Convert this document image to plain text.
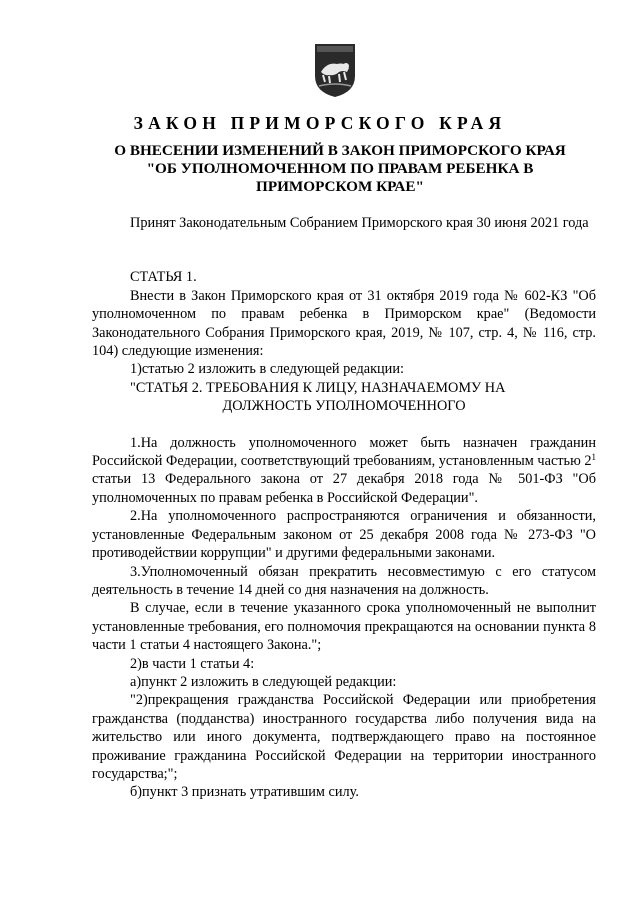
ЗАКОН ПРИМОРСКОГО КРАЯ
О ВНЕСЕНИИ ИЗМЕНЕНИЙ В ЗАКОН ПРИМОРСКОГО КРАЯ
"ОБ УПОЛНОМОЧЕННОМ ПО ПРАВАМ РЕБЕНКА В
ПРИМОРСКОМ КРАЕ"

Принят Законодательным Собранием Приморского края 30 июня 2021 года

СТАТЬЯ 1.

Внести в Закон Приморского края от 31 октября 2019 года № 602-КЗ "Об уполномоченном по правам ребенка в Приморском крае" (Ведомости Законодательного Собрания Приморского края, 2019, № 107, стр. 4, № 116, стр. 104) следующие изменения:

1)статью 2 изложить в следующей редакции:

"СТАТЬЯ 2. ТРЕБОВАНИЯ К ЛИЦУ, НАЗНАЧАЕМОМУ НА

ДОЛЖНОСТЬ УПОЛНОМОЧЕННОГО

1.На должность уполномоченного может быть назначен гражданин Российской Федерации, соответствующий требованиям, установленным частью $2^1$ статьи 13 Федерального закона от 27 декабря 2018 года № 501-ФЗ "Об уполномоченных по правам ребенка в Российской Федерации".

2.На уполномоченного распространяются ограничения и обязанности, установленные Федеральным законом от 25 декабря 2008 года № 273-ФЗ "О противодействии коррупции" и другими федеральными законами.

3.Уполномоченный обязан прекратить несовместимую с его статусом деятельность в течение 14 дней со дня назначения на должность.

В случае, если в течение указанного срока уполномоченный не выполнит установленные требования, его полномочия прекращаются на основании пункта 8 части 1 статьи 4 настоящего Закона.";

2)в части 1 статьи 4:

а)пункт 2 изложить в следующей редакции:

"2)прекращения гражданства Российской Федерации или приобретения гражданства (подданства) иностранного государства либо получения вида на жительство или иного документа, подтверждающего право на постоянное проживание гражданина Российской Федерации на территории иностранного государства;";

б)пункт 3 признать утратившим силу.
